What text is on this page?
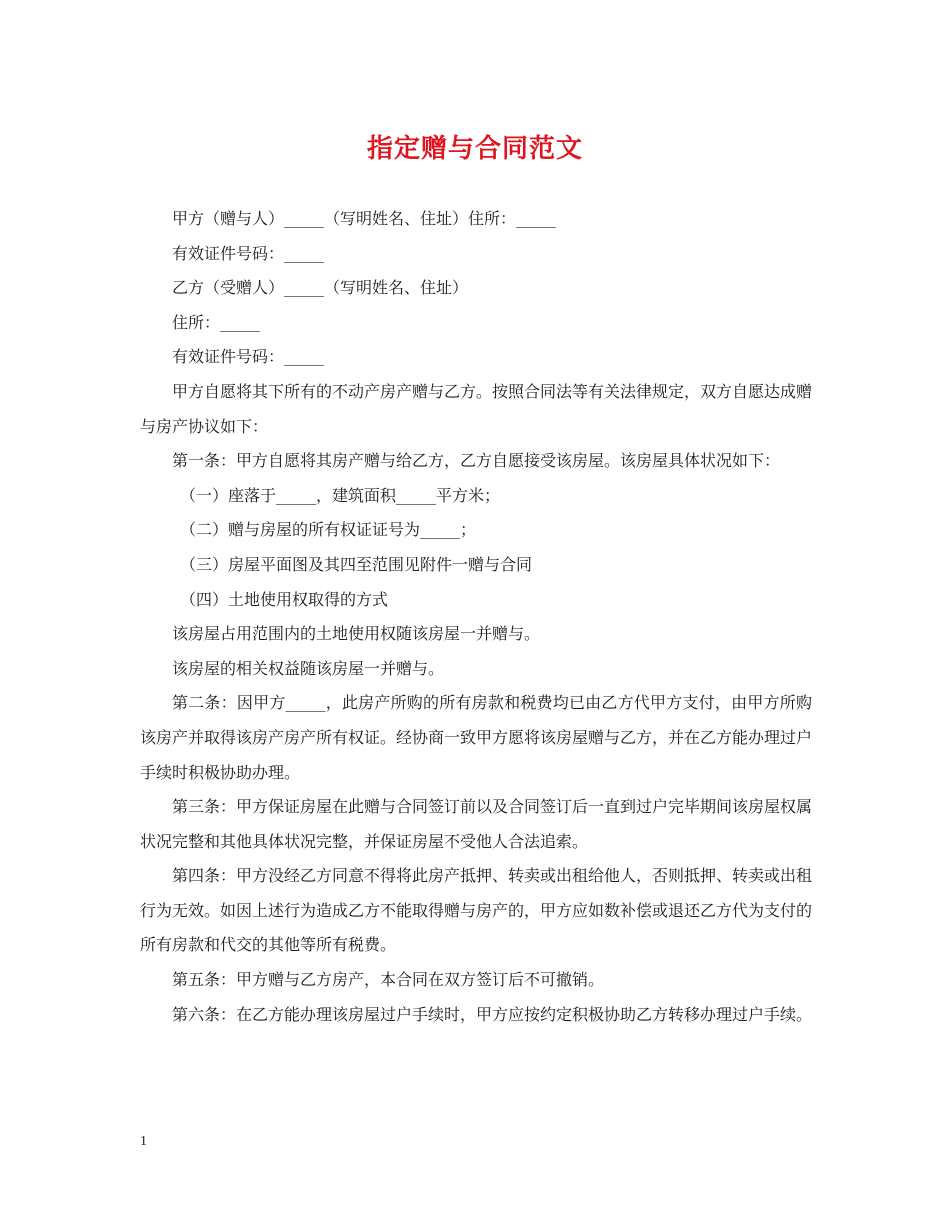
指定赠与合同范文

甲方（赠与人）_____（写明姓名、住址）住所：_____

有效证件号码：_____

乙方（受赠人）_____（写明姓名、住址）

住所：_____

有效证件号码：_____

甲方自愿将其下所有的不动产房产赠与乙方。按照合同法等有关法律规定，双方自愿达成赠与房产协议如下：

第一条：甲方自愿将其房产赠与给乙方，乙方自愿接受该房屋。该房屋具体状况如下：

（一）座落于_____，建筑面积_____平方米；

（二）赠与房屋的所有权证证号为_____；

（三）房屋平面图及其四至范围见附件一赠与合同

（四）土地使用权取得的方式

该房屋占用范围内的土地使用权随该房屋一并赠与。

该房屋的相关权益随该房屋一并赠与。

第二条：因甲方_____，此房产所购的所有房款和税费均已由乙方代甲方支付，由甲方所购该房产并取得该房产房产所有权证。经协商一致甲方愿将该房屋赠与乙方，并在乙方能办理过户手续时积极协助办理。

第三条：甲方保证房屋在此赠与合同签订前以及合同签订后一直到过户完毕期间该房屋权属状况完整和其他具体状况完整，并保证房屋不受他人合法追索。

第四条：甲方没经乙方同意不得将此房产抵押、转卖或出租给他人，否则抵押、转卖或出租行为无效。如因上述行为造成乙方不能取得赠与房产的，甲方应如数补偿或退还乙方代为支付的所有房款和代交的其他等所有税费。

第五条：甲方赠与乙方房产，本合同在双方签订后不可撤销。

第六条：在乙方能办理该房屋过户手续时，甲方应按约定积极协助乙方转移办理过户手续。

1
